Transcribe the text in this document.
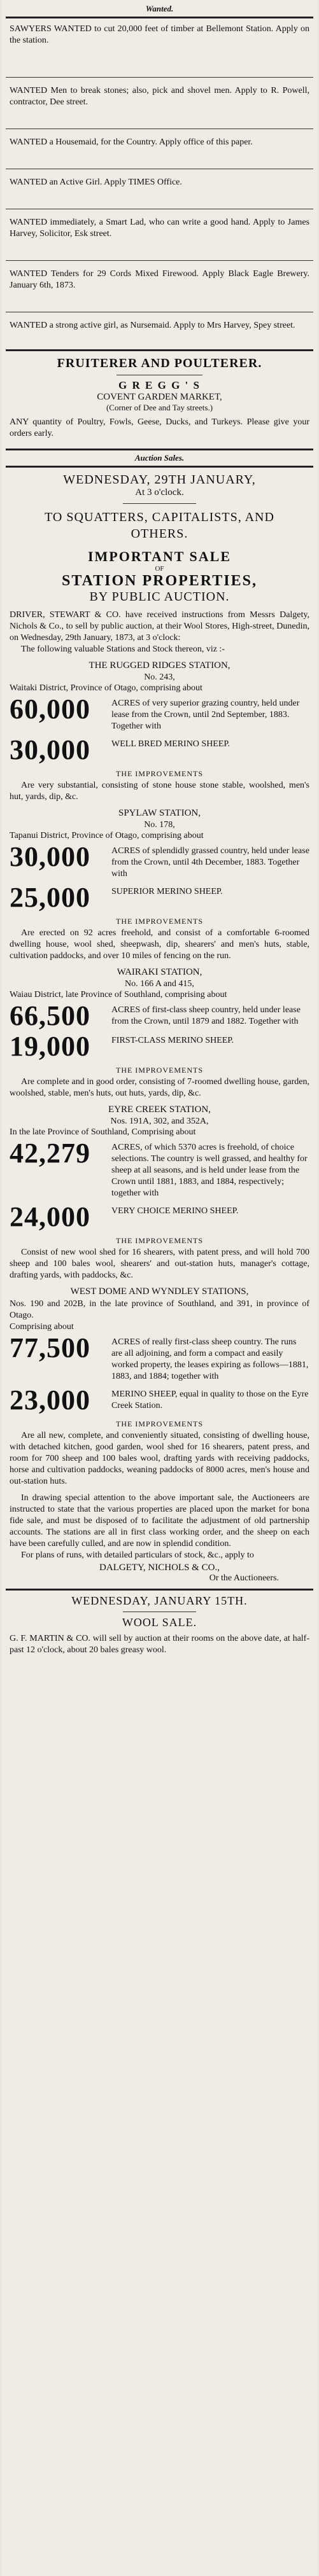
Wanted.
SAWYERS WANTED to cut 20,000 feet of timber at Bellemont Station. Apply on the station.
WANTED Men to break stones; also, pick and shovel men. Apply to R. Powell, contractor, Dee street.
WANTED a Housemaid, for the Country. Apply office of this paper.
WANTED an Active Girl. Apply TIMES Office.
WANTED immediately, a Smart Lad, who can write a good hand. Apply to James Harvey, Solicitor, Esk street.
WANTED Tenders for 29 Cords Mixed Firewood. Apply Black Eagle Brewery. January 6th, 1873.
WANTED a strong active girl, as Nursemaid. Apply to Mrs Harvey, Spey street.
FRUITERER AND POULTERER.
G R E G G ' S
COVENT GARDEN MARKET,
(Corner of Dee and Tay streets.)
ANY quantity of Poultry, Fowls, Geese, Ducks, and Turkeys. Please give your orders early.
Auction Sales.
WEDNESDAY, 29TH JANUARY,
At 3 o'clock.
TO SQUATTERS, CAPITALISTS, AND OTHERS.
IMPORTANT SALE
OF
STATION PROPERTIES,
BY PUBLIC AUCTION.
DRIVER, STEWART & CO. have received instructions from Messrs Dalgety, Nichols & Co., to sell by public auction, at their Wool Stores, High-street, Dunedin, on Wednesday, 29th January, 1873, at 3 o'clock:
The following valuable Stations and Stock thereon, viz :-
THE RUGGED RIDGES STATION,
No. 243,
Waitaki District, Province of Otago, comprising about
60,000	ACRES of very superior grazing country, held under lease from the Crown, until 2nd September, 1883. Together with
30,000	WELL BRED MERINO SHEEP.
THE IMPROVEMENTS
Are very substantial, consisting of stone house stone stable, woolshed, men's hut, yards, dip, &c.
SPYLAW STATION,
No. 178,
Tapanui District, Province of Otago, comprising about
30,000	ACRES of splendidly grassed country, held under lease from the Crown, until 4th December, 1883. Together with
25,000	SUPERIOR MERINO SHEEP.
THE IMPROVEMENTS
Are erected on 92 acres freehold, and consist of a comfortable 6-roomed dwelling house, wool shed, sheepwash, dip, shearers' and men's huts, stable, cultivation paddocks, and over 10 miles of fencing on the run.
WAIRAKI STATION,
No. 166 A and 415,
Waiau District, late Province of Southland, comprising about
66,500	ACRES of first-class sheep country, held under lease from the Crown, until 1879 and 1882. Together with
19,000	FIRST-CLASS MERINO SHEEP.
THE IMPROVEMENTS
Are complete and in good order, consisting of 7-roomed dwelling house, garden, woolshed, stable, men's huts, out huts, yards, dip, &c.
EYRE CREEK STATION,
Nos. 191A, 302, and 352A,
In the late Province of Southland, Comprising about
42,279	ACRES, of which 5370 acres is freehold, of choice selections. The country is well grassed, and healthy for sheep at all seasons, and is held under lease from the Crown until 1881, 1883, and 1884, respectively; together with
24,000	VERY CHOICE MERINO SHEEP.
THE IMPROVEMENTS
Consist of new wool shed for 16 shearers, with patent press, and will hold 700 sheep and 100 bales wool, shearers' and out-station huts, manager's cottage, drafting yards, with paddocks, &c.
WEST DOME AND WYNDLEY STATIONS,
Nos. 190 and 202B, in the late province of Southland, and 391, in province of Otago.
Comprising about
77,500	ACRES of really first-class sheep country. The runs are all adjoining, and form a compact and easily worked property, the leases expiring as follows—1881, 1883, and 1884; together with
23,000	MERINO SHEEP, equal in quality to those on the Eyre Creek Station.
THE IMPROVEMENTS
Are all new, complete, and conveniently situated, consisting of dwelling house, with detached kitchen, good garden, wool shed for 16 shearers, patent press, and room for 700 sheep and 100 bales wool, drafting yards with receiving paddocks, horse and cultivation paddocks, weaning paddocks of 8000 acres, men's house and out-station huts.
In drawing special attention to the above important sale, the Auctioneers are instructed to state that the various properties are placed upon the market for bona fide sale, and must be disposed of to facilitate the adjustment of old partnership accounts. The stations are all in first class working order, and the sheep on each have been carefully culled, and are now in splendid condition.
For plans of runs, with detailed particulars of stock, &c., apply to
DALGETY, NICHOLS & CO.,
Or the Auctioneers.
WEDNESDAY, JANUARY 15TH.
WOOL SALE.
G. F. MARTIN & CO. will sell by auction at their rooms on the above date, at half-past 12 o'clock, about 20 bales greasy wool.
